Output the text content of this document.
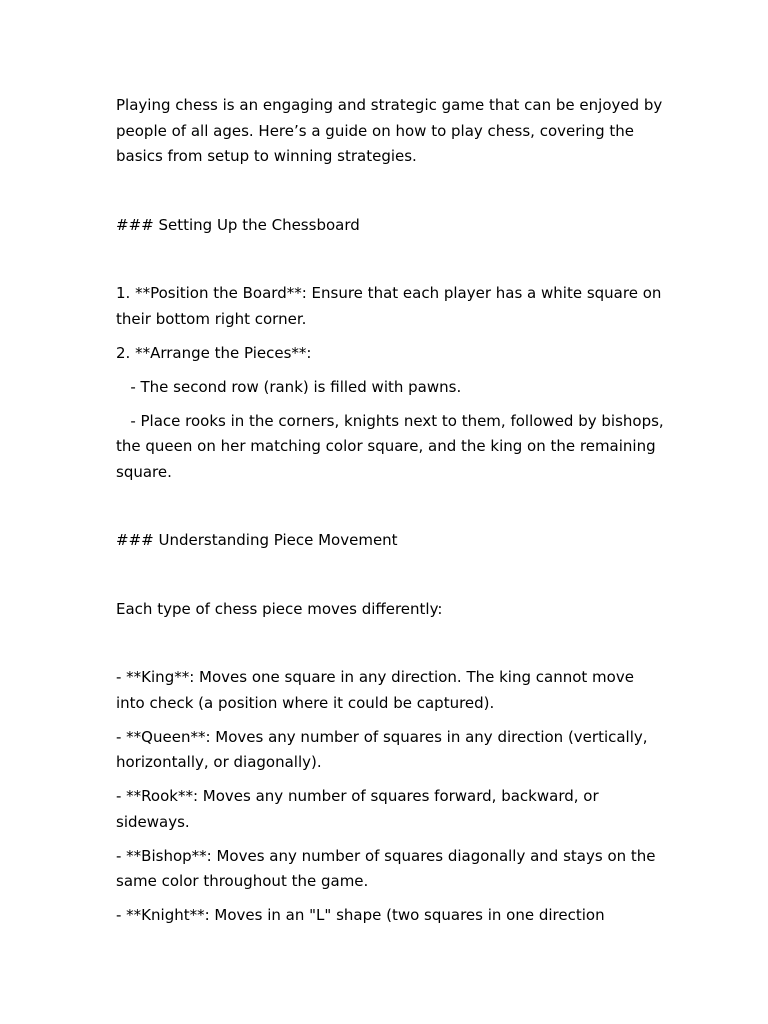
Playing chess is an engaging and strategic game that can be enjoyed by people of all ages. Here’s a guide on how to play chess, covering the basics from setup to winning strategies.

### Setting Up the Chessboard

1. **Position the Board**: Ensure that each player has a white square on their bottom right corner.

2. **Arrange the Pieces**:

- The second row (rank) is filled with pawns.

- Place rooks in the corners, knights next to them, followed by bishops, the queen on her matching color square, and the king on the remaining square.

### Understanding Piece Movement

Each type of chess piece moves differently:

- **King**: Moves one square in any direction. The king cannot move into check (a position where it could be captured).

- **Queen**: Moves any number of squares in any direction (vertically, horizontally, or diagonally).

- **Rook**: Moves any number of squares forward, backward, or sideways.

- **Bishop**: Moves any number of squares diagonally and stays on the same color throughout the game.

- **Knight**: Moves in an "L" shape (two squares in one direction
